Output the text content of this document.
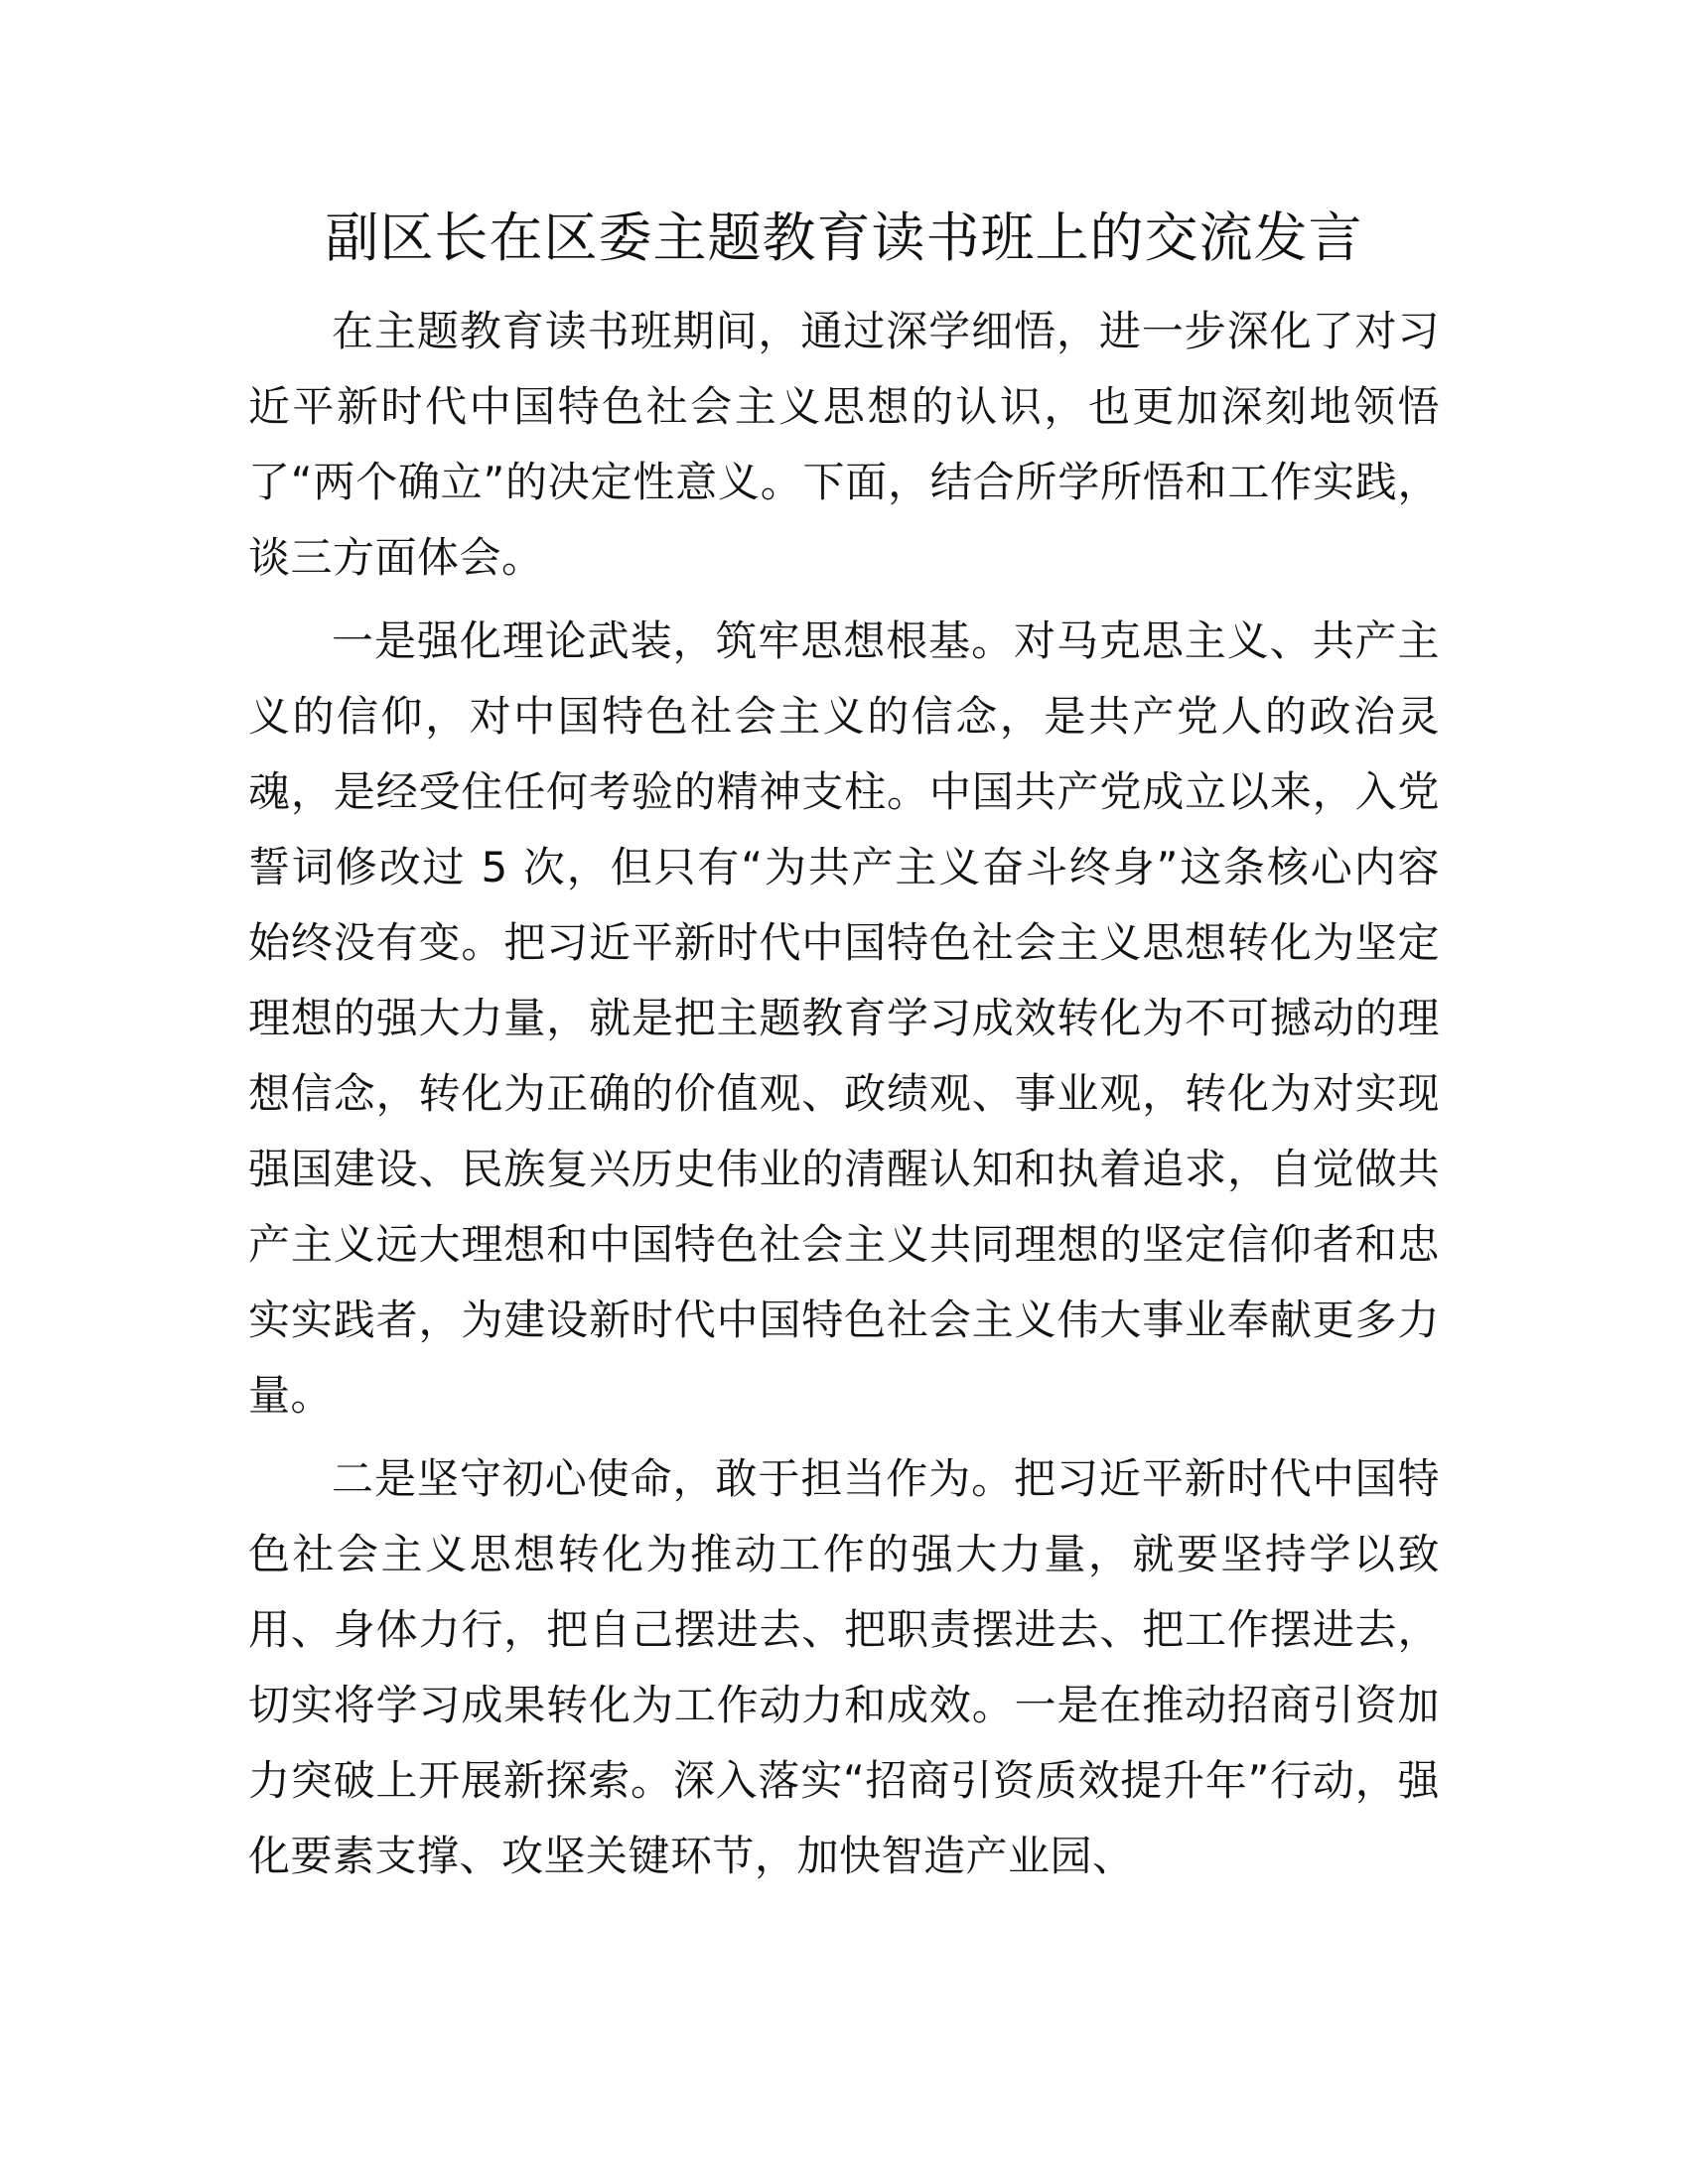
副区长在区委主题教育读书班上的交流发言

在主题教育读书班期间，通过深学细悟，进一步深化了对习近平新时代中国特色社会主义思想的认识，也更加深刻地领悟了“两个确立”的决定性意义。下面，结合所学所悟和工作实践，谈三方面体会。

一是强化理论武装，筑牢思想根基。对马克思主义、共产主义的信仰，对中国特色社会主义的信念，是共产党人的政治灵魂，是经受住任何考验的精神支柱。中国共产党成立以来，入党誓词修改过 5 次，但只有“为共产主义奋斗终身”这条核心内容始终没有变。把习近平新时代中国特色社会主义思想转化为坚定理想的强大力量，就是把主题教育学习成效转化为不可撼动的理想信念，转化为正确的价值观、政绩观、事业观，转化为对实现强国建设、民族复兴历史伟业的清醒认知和执着追求，自觉做共产主义远大理想和中国特色社会主义共同理想的坚定信仰者和忠实实践者，为建设新时代中国特色社会主义伟大事业奉献更多力量。

二是坚守初心使命，敢于担当作为。把习近平新时代中国特色社会主义思想转化为推动工作的强大力量，就要坚持学以致用、身体力行，把自己摆进去、把职责摆进去、把工作摆进去，切实将学习成果转化为工作动力和成效。一是在推动招商引资加力突破上开展新探索。深入落实“招商引资质效提升年”行动，强化要素支撑、攻坚关键环节，加快智造产业园、
